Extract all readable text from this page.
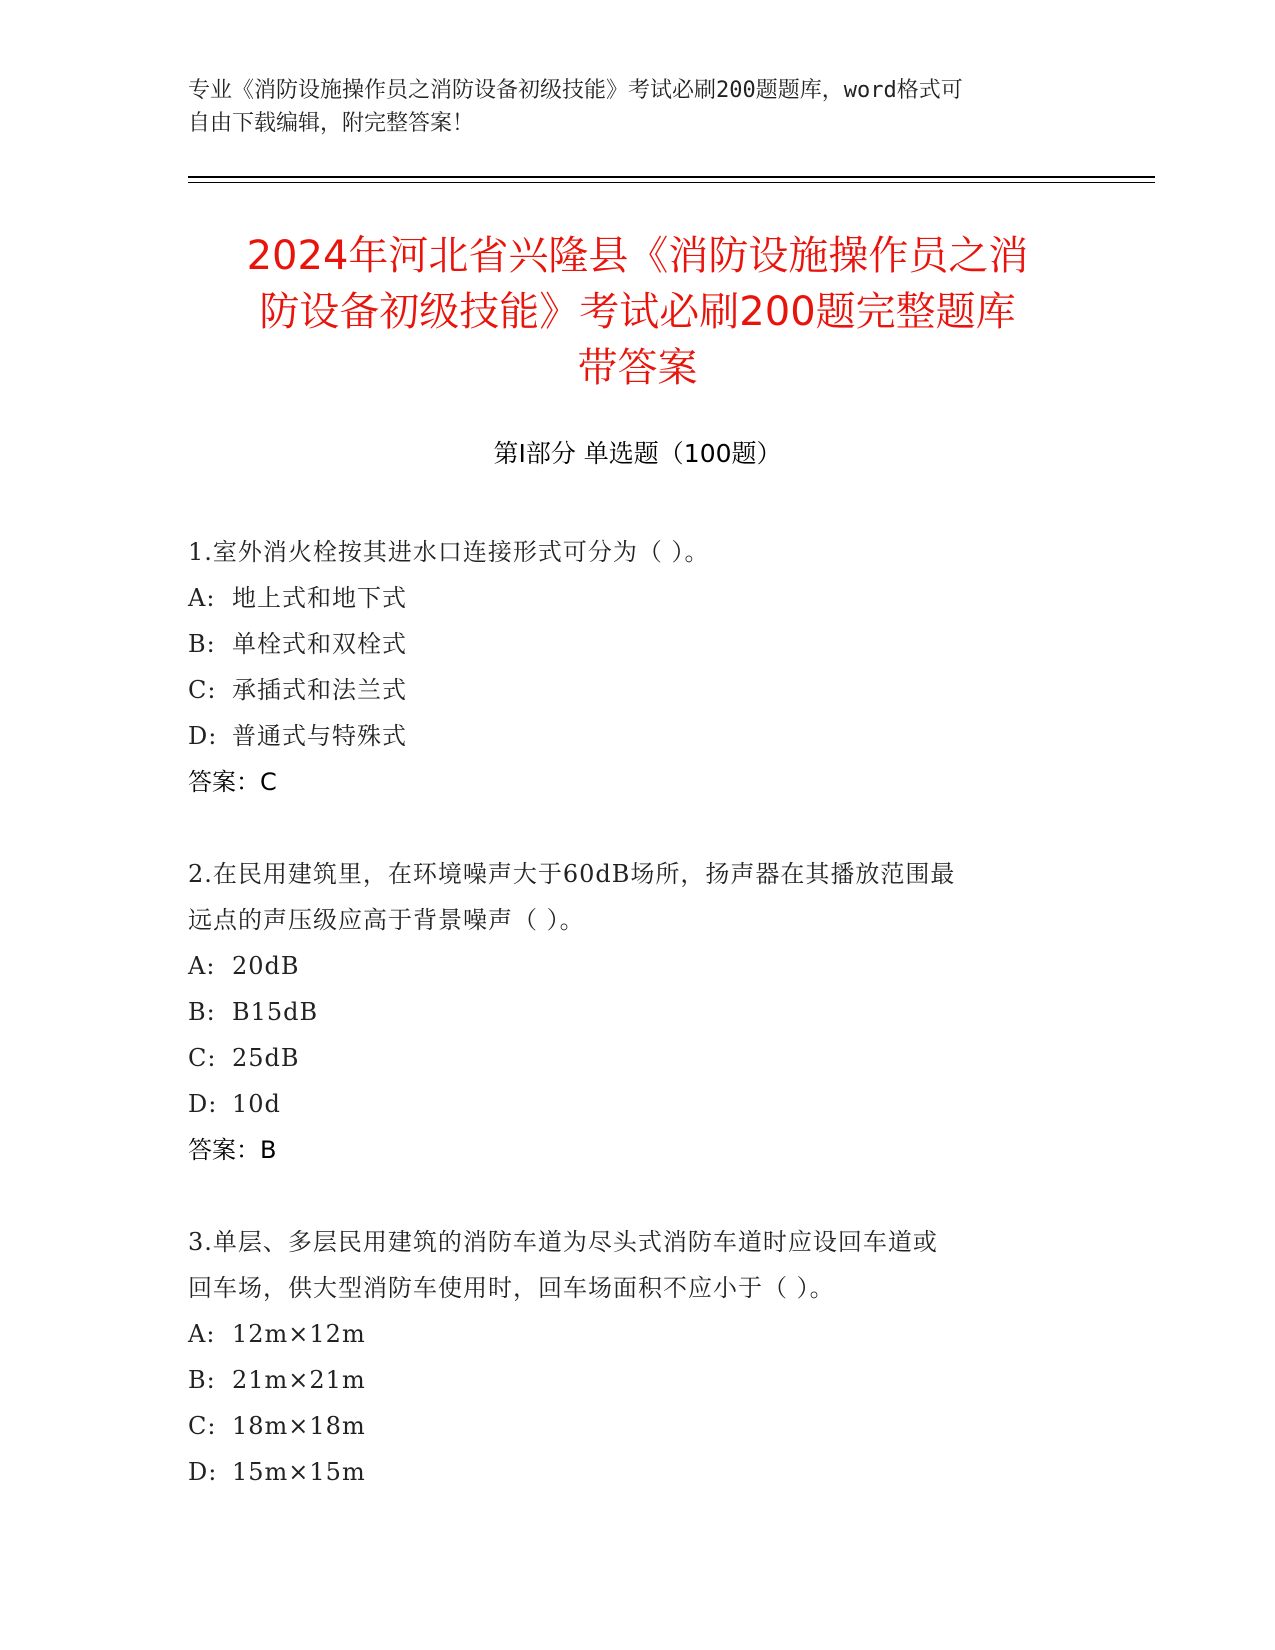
专业《消防设施操作员之消防设备初级技能》考试必刷200题题库，word格式可
自由下载编辑，附完整答案！
2024年河北省兴隆县《消防设施操作员之消
防设备初级技能》考试必刷200题完整题库
带答案
第I部分 单选题（100题）
1.室外消火栓按其进水口连接形式可分为（ ）。
A: 地上式和地下式
B: 单栓式和双栓式
C: 承插式和法兰式
D: 普通式与特殊式
答案：C
2.在民用建筑里，在环境噪声大于60dB场所，扬声器在其播放范围最
远点的声压级应高于背景噪声（ ）。
A: 20dB
B: B15dB
C: 25dB
D: 10d
答案：B
3.单层、多层民用建筑的消防车道为尽头式消防车道时应设回车道或
回车场，供大型消防车使用时，回车场面积不应小于（ ）。
A: 12m×12m
B: 21m×21m
C: 18m×18m
D: 15m×15m
